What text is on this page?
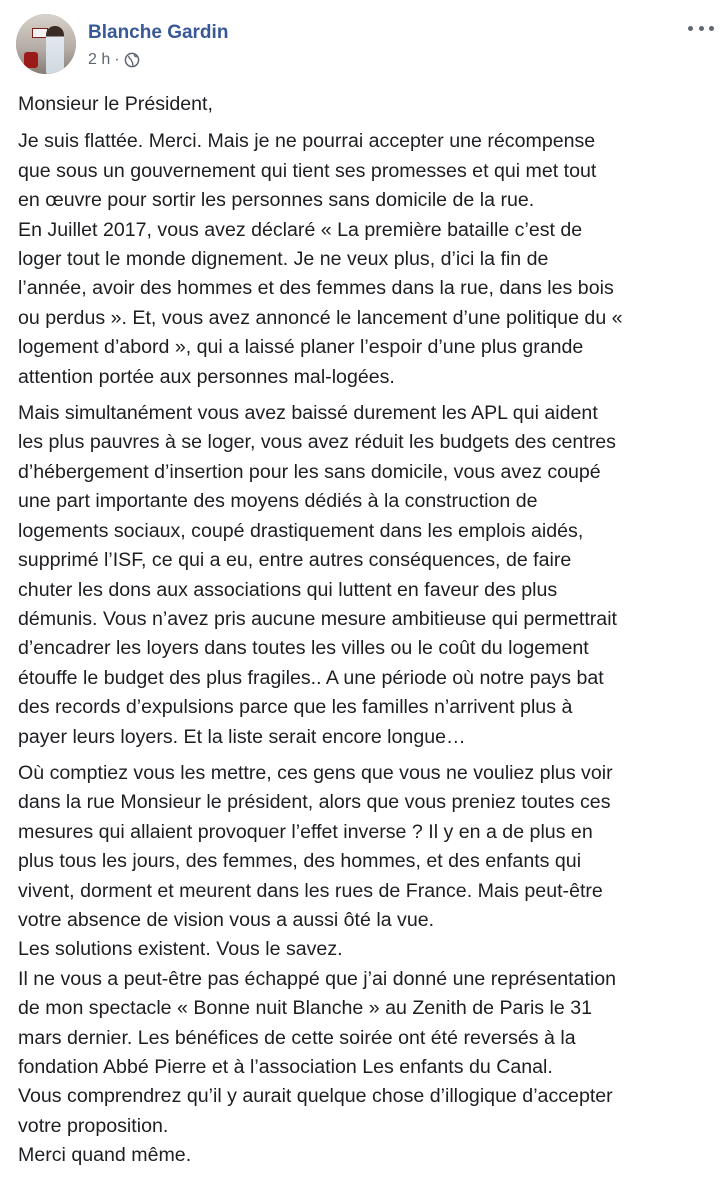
Blanche Gardin
2 h ·

Monsieur le Président,

Je suis flattée. Merci. Mais je ne pourrai accepter une récompense
que sous un gouvernement qui tient ses promesses et qui met tout
en œuvre pour sortir les personnes sans domicile de la rue.
En Juillet 2017, vous avez déclaré « La première bataille c’est de
loger tout le monde dignement. Je ne veux plus, d’ici la fin de
l’année, avoir des hommes et des femmes dans la rue, dans les bois
ou perdus ». Et, vous avez annoncé le lancement d’une politique du «
logement d’abord », qui a laissé planer l’espoir d’une plus grande
attention portée aux personnes mal-logées.

Mais simultanément vous avez baissé durement les APL qui aident
les plus pauvres à se loger, vous avez réduit les budgets des centres
d’hébergement d’insertion pour les sans domicile, vous avez coupé
une part importante des moyens dédiés à la construction de
logements sociaux, coupé drastiquement dans les emplois aidés,
supprimé l’ISF, ce qui a eu, entre autres conséquences, de faire
chuter les dons aux associations qui luttent en faveur des plus
démunis. Vous n’avez pris aucune mesure ambitieuse qui permettrait
d’encadrer les loyers dans toutes les villes ou le coût du logement
étouffe le budget des plus fragiles.. A une période où notre pays bat
des records d’expulsions parce que les familles n’arrivent plus à
payer leurs loyers. Et la liste serait encore longue…

Où comptiez vous les mettre, ces gens que vous ne vouliez plus voir
dans la rue Monsieur le président, alors que vous preniez toutes ces
mesures qui allaient provoquer l’effet inverse ? Il y en a de plus en
plus tous les jours, des femmes, des hommes, et des enfants qui
vivent, dorment et meurent dans les rues de France. Mais peut-être
votre absence de vision vous a aussi ôté la vue.
Les solutions existent. Vous le savez.
Il ne vous a peut-être pas échappé que j’ai donné une représentation
de mon spectacle « Bonne nuit Blanche » au Zenith de Paris le 31
mars dernier. Les bénéfices de cette soirée ont été reversés à la
fondation Abbé Pierre et à l’association Les enfants du Canal.
Vous comprendrez qu’il y aurait quelque chose d’illogique d’accepter
votre proposition.
Merci quand même.
